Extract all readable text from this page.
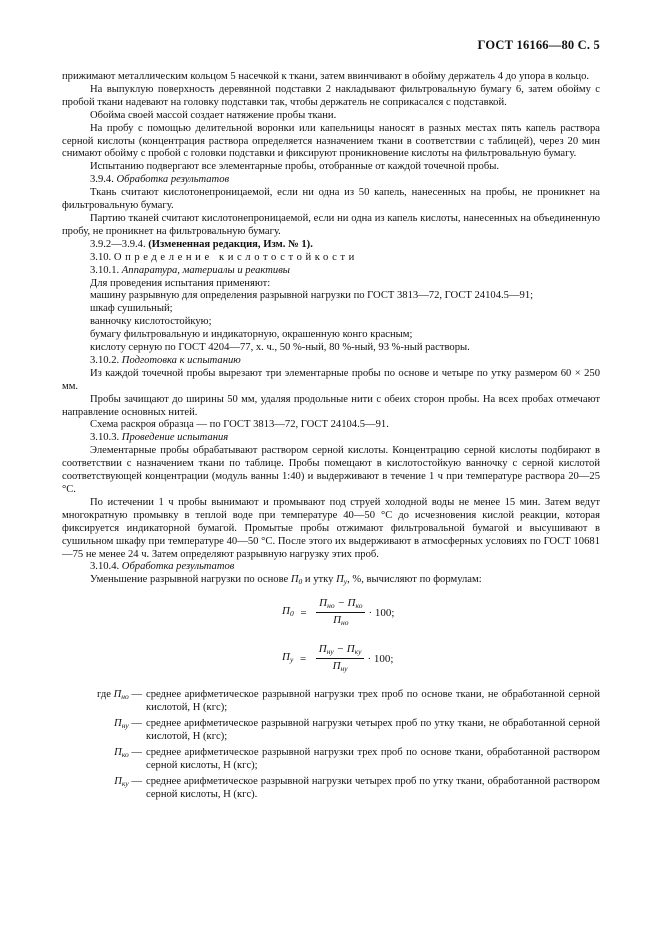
ГОСТ 16166—80 С. 5

прижимают металлическим кольцом 5 насечкой к ткани, затем ввинчивают в обойму держатель 4 до упора в кольцо.

На выпуклую поверхность деревянной подставки 2 накладывают фильтровальную бумагу 6, затем обойму с пробой ткани надевают на головку подставки так, чтобы держатель не соприкасался с подставкой.

Обойма своей массой создает натяжение пробы ткани.

На пробу с помощью делительной воронки или капельницы наносят в разных местах пять капель раствора серной кислоты (концентрация раствора определяется назначением ткани в соответствии с таблицей), через 20 мин снимают обойму с пробой с головки подставки и фиксируют проникновение кислоты на фильтровальную бумагу.

Испытанию подвергают все элементарные пробы, отобранные от каждой точечной пробы.

3.9.4. Обработка результатов

Ткань считают кислотонепроницаемой, если ни одна из 50 капель, нанесенных на пробы, не проникнет на фильтровальную бумагу.

Партию тканей считают кислотонепроницаемой, если ни одна из капель кислоты, нанесенных на объединенную пробу, не проникнет на фильтровальную бумагу.

3.9.2—3.9.4. (Измененная редакция, Изм. № 1).

3.10. Определение кислотостойкости

3.10.1. Аппаратура, материалы и реактивы

Для проведения испытания применяют:

машину разрывную для определения разрывной нагрузки по ГОСТ 3813—72, ГОСТ 24104.5—91;

шкаф сушильный;

ванночку кислотостойкую;

бумагу фильтровальную и индикаторную, окрашенную конго красным;

кислоту серную по ГОСТ 4204—77, х. ч., 50 %-ный, 80 %-ный, 93 %-ный растворы.

3.10.2. Подготовка к испытанию

Из каждой точечной пробы вырезают три элементарные пробы по основе и четыре по утку размером 60 × 250 мм.

Пробы зачищают до ширины 50 мм, удаляя продольные нити с обеих сторон пробы. На всех пробах отмечают направление основных нитей.

Схема раскроя образца — по ГОСТ 3813—72, ГОСТ 24104.5—91.

3.10.3. Проведение испытания

Элементарные пробы обрабатывают раствором серной кислоты. Концентрацию серной кислоты подбирают в соответствии с назначением ткани по таблице. Пробы помещают в кислотостойкую ванночку с серной кислотой соответствующей концентрации (модуль ванны 1:40) и выдерживают в течение 1 ч при температуре раствора 20—25 °С.

По истечении 1 ч пробы вынимают и промывают под струей холодной воды не менее 15 мин. Затем ведут многократную промывку в теплой воде при температуре 40—50 °С до исчезновения кислой реакции, которая фиксируется индикаторной бумагой. Промытые пробы отжимают фильтровальной бумагой и высушивают в сушильном шкафу при температуре 40—50 °С. После этого их выдерживают в атмосферных условиях по ГОСТ 10681—75 не менее 24 ч. Затем определяют разрывную нагрузку этих проб.

3.10.4. Обработка результатов

Уменьшение разрывной нагрузки по основе $П_0$ и утку $П_у$, %, вычисляют по формулам:

$П_0 = \frac{П_{но} - П_{ко}}{П_{но}} \cdot 100$;
$П_у = \frac{П_{ну} - П_{ку}}{П_{ну}} \cdot 100$;
где $П_{но}$ — среднее арифметическое разрывной нагрузки трех проб по основе ткани, не обработанной серной кислотой, Н (кгс);
$П_{ну}$ — среднее арифметическое разрывной нагрузки четырех проб по утку ткани, не обработанной серной кислотой, Н (кгс);
$П_{ко}$ — среднее арифметическое разрывной нагрузки трех проб по основе ткани, обработанной раствором серной кислоты, Н (кгс);
$П_{ку}$ — среднее арифметическое разрывной нагрузки четырех проб по утку ткани, обработанной раствором серной кислоты, Н (кгс).
